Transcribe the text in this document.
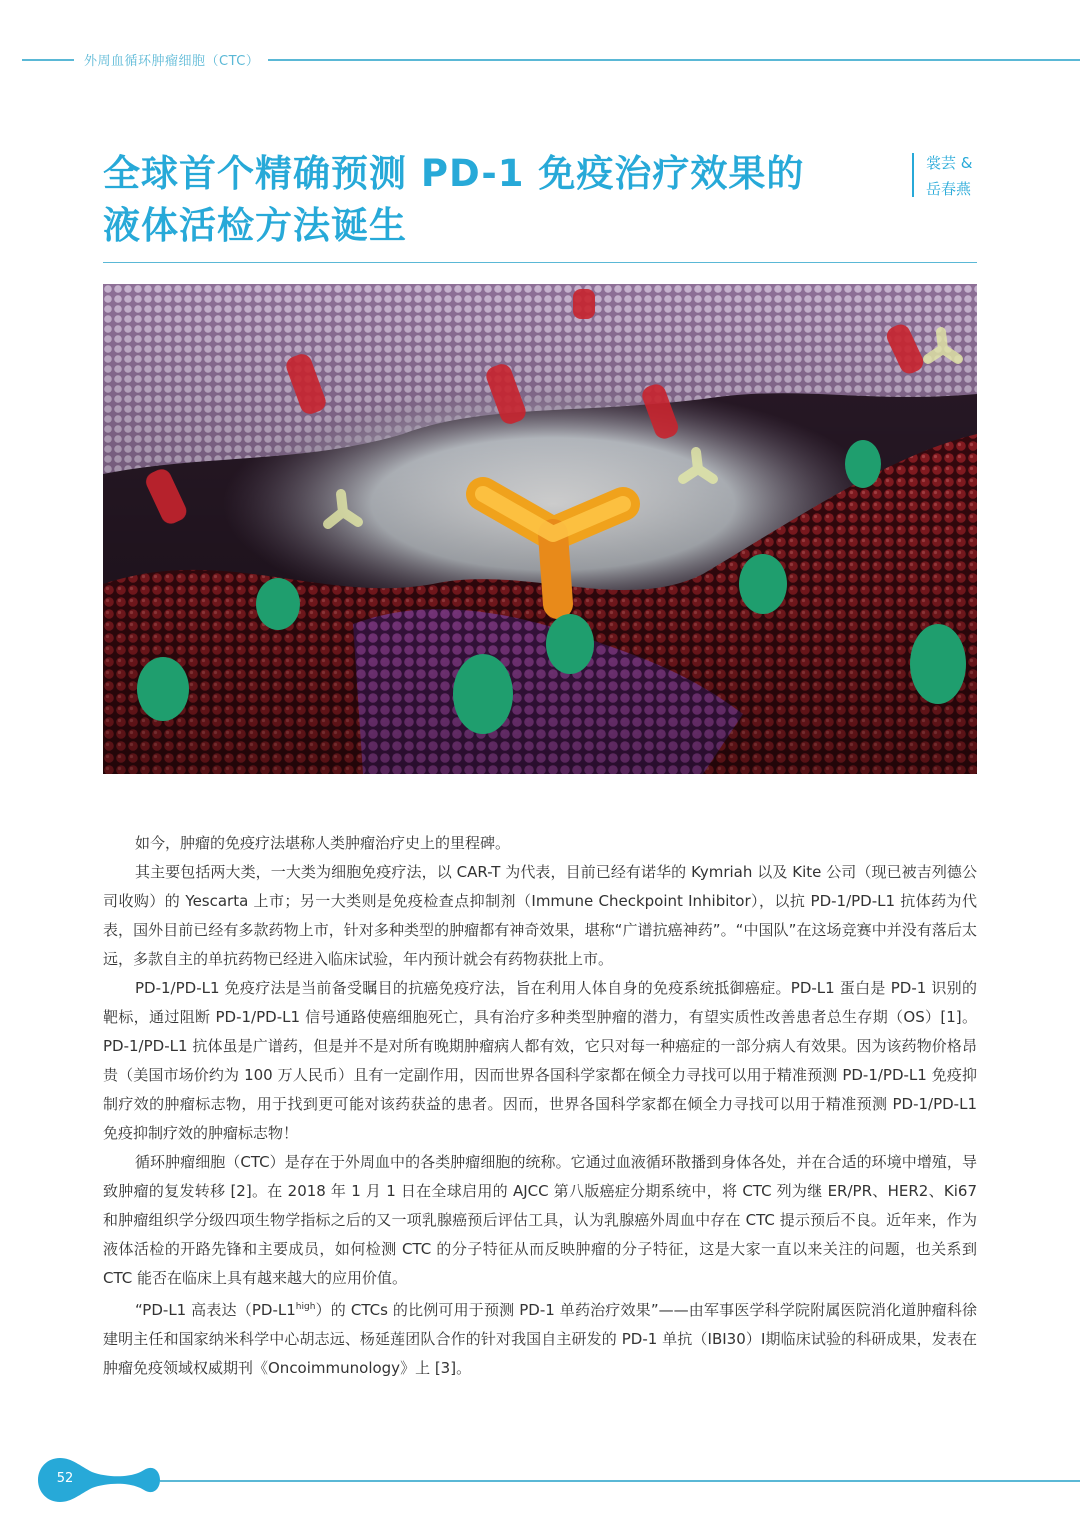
外周血循环肿瘤细胞（CTC）
全球首个精确预测 PD-1 免疫治疗效果的
液体活检方法诞生
裳芸 &
岳春燕

如今，肿瘤的免疫疗法堪称人类肿瘤治疗史上的里程碑。

其主要包括两大类，一大类为细胞免疫疗法，以 CAR-T 为代表，目前已经有诺华的 Kymriah 以及 Kite 公司（现已被吉列德公司收购）的 Yescarta 上市；另一大类则是免疫检查点抑制剂（Immune Checkpoint Inhibitor），以抗 PD-1/PD-L1 抗体药为代表，国外目前已经有多款药物上市，针对多种类型的肿瘤都有神奇效果，堪称“广谱抗癌神药”。“中国队”在这场竞赛中并没有落后太远，多款自主的单抗药物已经进入临床试验，年内预计就会有药物获批上市。

PD-1/PD-L1 免疫疗法是当前备受瞩目的抗癌免疫疗法，旨在利用人体自身的免疫系统抵御癌症。PD-L1 蛋白是 PD-1 识别的靶标，通过阻断 PD-1/PD-L1 信号通路使癌细胞死亡，具有治疗多种类型肿瘤的潜力，有望实质性改善患者总生存期（OS）[1]。PD-1/PD-L1 抗体虽是广谱药，但是并不是对所有晚期肿瘤病人都有效，它只对每一种癌症的一部分病人有效果。因为该药物价格昂贵（美国市场价约为 100 万人民币）且有一定副作用，因而世界各国科学家都在倾全力寻找可以用于精准预测 PD-1/PD-L1 免疫抑制疗效的肿瘤标志物，用于找到更可能对该药获益的患者。因而，世界各国科学家都在倾全力寻找可以用于精准预测 PD-1/PD-L1 免疫抑制疗效的肿瘤标志物！

循环肿瘤细胞（CTC）是存在于外周血中的各类肿瘤细胞的统称。它通过血液循环散播到身体各处，并在合适的环境中增殖，导致肿瘤的复发转移 [2]。在 2018 年 1 月 1 日在全球启用的 AJCC 第八版癌症分期系统中，将 CTC 列为继 ER/PR、HER2、Ki67 和肿瘤组织学分级四项生物学指标之后的又一项乳腺癌预后评估工具，认为乳腺癌外周血中存在 CTC 提示预后不良。近年来，作为液体活检的开路先锋和主要成员，如何检测 CTC 的分子特征从而反映肿瘤的分子特征，这是大家一直以来关注的问题，也关系到 CTC 能否在临床上具有越来越大的应用价值。

“PD-L1 高表达$(PD-L1^{high})$的 CTCs 的比例可用于预测 PD-1 单药治疗效果”——由军事医学科学院附属医院消化道肿瘤科徐建明主任和国家纳米科学中心胡志远、杨延莲团队合作的针对我国自主研发的 PD-1 单抗（IBI30）Ⅰ期临床试验的科研成果，发表在肿瘤免疫领域权威期刊《Oncoimmunology》上 [3]。

52
